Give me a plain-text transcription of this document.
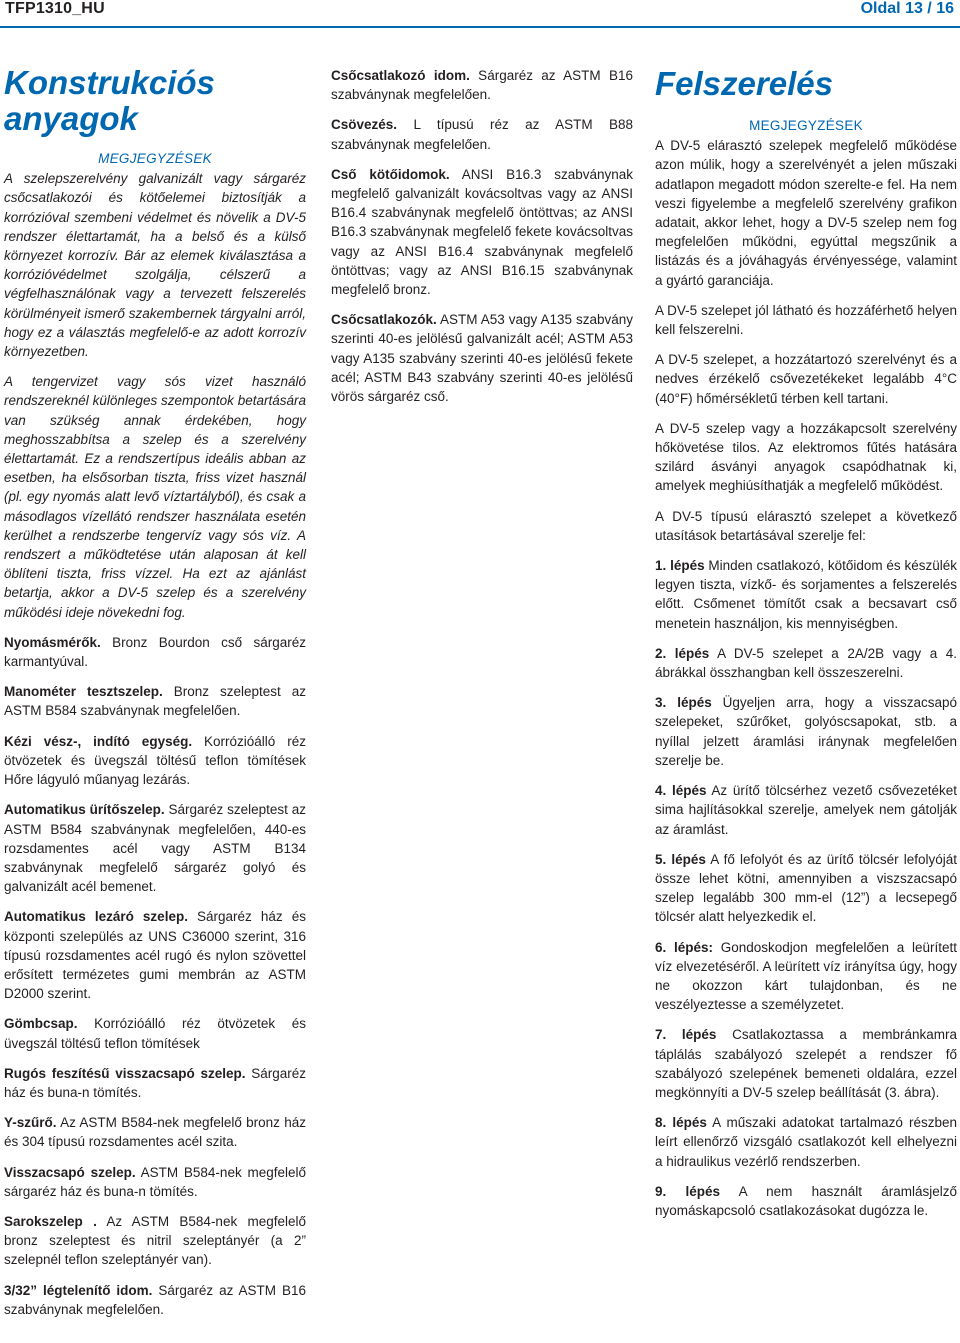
TFP1310_HU	Oldal 13 / 16
Konstrukciós anyagok
MEGJEGYZÉSEK

A szelepszerelvény galvanizált vagy sárgaréz csőcsatlakozói és kötőelemei biztosítják a korrózióval szembeni védelmet és növelik a DV-5 rendszer élettartamát, ha a belső és a külső környezet korrozív. Bár az elemek kiválasztása a korrózióvédelmet szolgálja, célszerű a végfelhasználónak vagy a tervezett felszerelés körülményeit ismerő szakembernek tárgyalni arról, hogy ez a választás megfelelő-e az adott korrozív környezetben.

A tengervizet vagy sós vizet használó rendszereknél különleges szempontok betartására van szükség annak érdekében, hogy meghosszabbítsa a szelep és a szerelvény élettartamát. Ez a rendszertípus ideális abban az esetben, ha elsősorban tiszta, friss vizet használ (pl. egy nyomás alatt levő víztartályból), és csak a másodlagos vízellátó rendszer használata esetén kerülhet a rendszerbe tengervíz vagy sós víz. A rendszert a működtetése után alaposan át kell öblíteni tiszta, friss vízzel. Ha ezt az ajánlást betartja, akkor a DV-5 szelep és a szerelvény működési ideje növekedni fog.

Nyomásmérők. Bronz Bourdon cső sárgaréz karmantyúval.

Manométer tesztszelep. Bronz szeleptest az ASTM B584 szabványnak megfelelően.

Kézi vész-, indító egység. Korrózióálló réz ötvözetek és üvegszál töltésű teflon tömítések Hőre lágyuló műanyag lezárás.

Automatikus ürítőszelep. Sárgaréz szeleptest az ASTM B584 szabványnak megfelelően, 440-es rozsdamentes acél vagy ASTM B134 szabványnak megfelelő sárgaréz golyó és galvanizált acél bemenet.

Automatikus lezáró szelep. Sárgaréz ház és központi szelepülés az UNS C36000 szerint, 316 típusú rozsdamentes acél rugó és nylon szövettel erősített termézetes gumi membrán az ASTM D2000 szerint.

Gömbcsap. Korrózióálló réz ötvözetek és üvegszál töltésű teflon tömítések

Rugós feszítésű visszacsapó szelep. Sárgaréz ház és buna-n tömítés.

Y-szűrő. Az ASTM B584-nek megfelelő bronz ház és 304 típusú rozsdamentes acél szita.

Visszacsapó szelep. ASTM B584-nek megfelelő sárgaréz ház és buna-n tömítés.

Sarokszelep . Az ASTM B584-nek megfelelő bronz szeleptest és nitril szeleptányér (a 2” szelepnél teflon szeleptányér van).

3/32” légtelenítő idom. Sárgaréz az ASTM B16 szabványnak megfelelően.

Csőcsatlakozó idom. Sárgaréz az ASTM B16 szabványnak megfelelően.

Csövezés. L típusú réz az ASTM B88 szabványnak megfelelően.

Cső kötőidomok. ANSI B16.3 szabványnak megfelelő galvanizált kovácsoltvas vagy az ANSI B16.4 szabványnak megfelelő öntöttvas; az ANSI B16.3 szabványnak megfelelő fekete kovácsoltvas vagy az ANSI B16.4 szabványnak megfelelő öntöttvas; vagy az ANSI B16.15 szabványnak megfelelő bronz.

Csőcsatlakozók. ASTM A53 vagy A135 szabvány szerinti 40-es jelölésű galvanizált acél; ASTM A53 vagy A135 szabvány szerinti 40-es jelölésű fekete acél; ASTM B43 szabvány szerinti 40-es jelölésű vörös sárgaréz cső.

Felszerelés
MEGJEGYZÉSEK

A DV-5 elárasztó szelepek megfelelő működése azon múlik, hogy a szerelvényét a jelen műszaki adatlapon megadott módon szerelte-e fel. Ha nem veszi figyelembe a megfelelő szerelvény grafikon adatait, akkor lehet, hogy a DV-5 szelep nem fog megfelelően működni, egyúttal megszűnik a listázás és a jóváhagyás érvényessége, valamint a gyártó garanciája.

A DV-5 szelepet jól látható és hozzáférhető helyen kell felszerelni.

A DV-5 szelepet, a hozzátartozó szerelvényt és a nedves érzékelő csővezetékeket legalább 4°C (40°F) hőmérsékletű térben kell tartani.

A DV-5 szelep vagy a hozzákapcsolt szerelvény hőkövetése tilos. Az elektromos fűtés hatására szilárd ásványi anyagok csapódhatnak ki, amelyek meghiúsíthatják a megfelelő működést.

A DV-5 típusú elárasztó szelepet a következő utasítások betartásával szerelje fel:

1. lépés Minden csatlakozó, kötőidom és készülék legyen tiszta, vízkő- és sorjamentes a felszerelés előtt. Csőmenet tömítőt csak a becsavart cső menetein használjon, kis mennyiségben.

2. lépés A DV-5 szelepet a 2A/2B vagy a 4. ábrákkal összhangban kell összeszerelni.

3. lépés Ügyeljen arra, hogy a visszacsapó szelepeket, szűrőket, golyóscsapokat, stb. a nyíllal jelzett áramlási iránynak megfelelően szerelje be.

4. lépés Az ürítő tölcsérhez vezető csővezetéket sima hajlításokkal szerelje, amelyek nem gátolják az áramlást.

5. lépés A fő lefolyót és az ürítő tölcsér lefolyóját össze lehet kötni, amennyiben a viszszacsapó szelep legalább 300 mm-el (12”) a lecsepegő tölcsér alatt helyezkedik el.

6. lépés: Gondoskodjon megfelelően a leürített víz elvezetéséről. A leürített víz irányítsa úgy, hogy ne okozzon kárt tulajdonban, és ne veszélyeztesse a személyzetet.

7. lépés Csatlakoztassa a membránkamra táplálás szabályozó szelepét a rendszer fő szabályozó szelepének bemeneti oldalára, ezzel megkönnyíti a DV-5 szelep beállítását (3. ábra).

8. lépés A műszaki adatokat tartalmazó részben leírt ellenőrző vizsgáló csatlakozót kell elhelyezni a hidraulikus vezérlő rendszerben.

9. lépés A nem használt áramlásjelző nyomáskapcsoló csatlakozásokat dugózza le.
